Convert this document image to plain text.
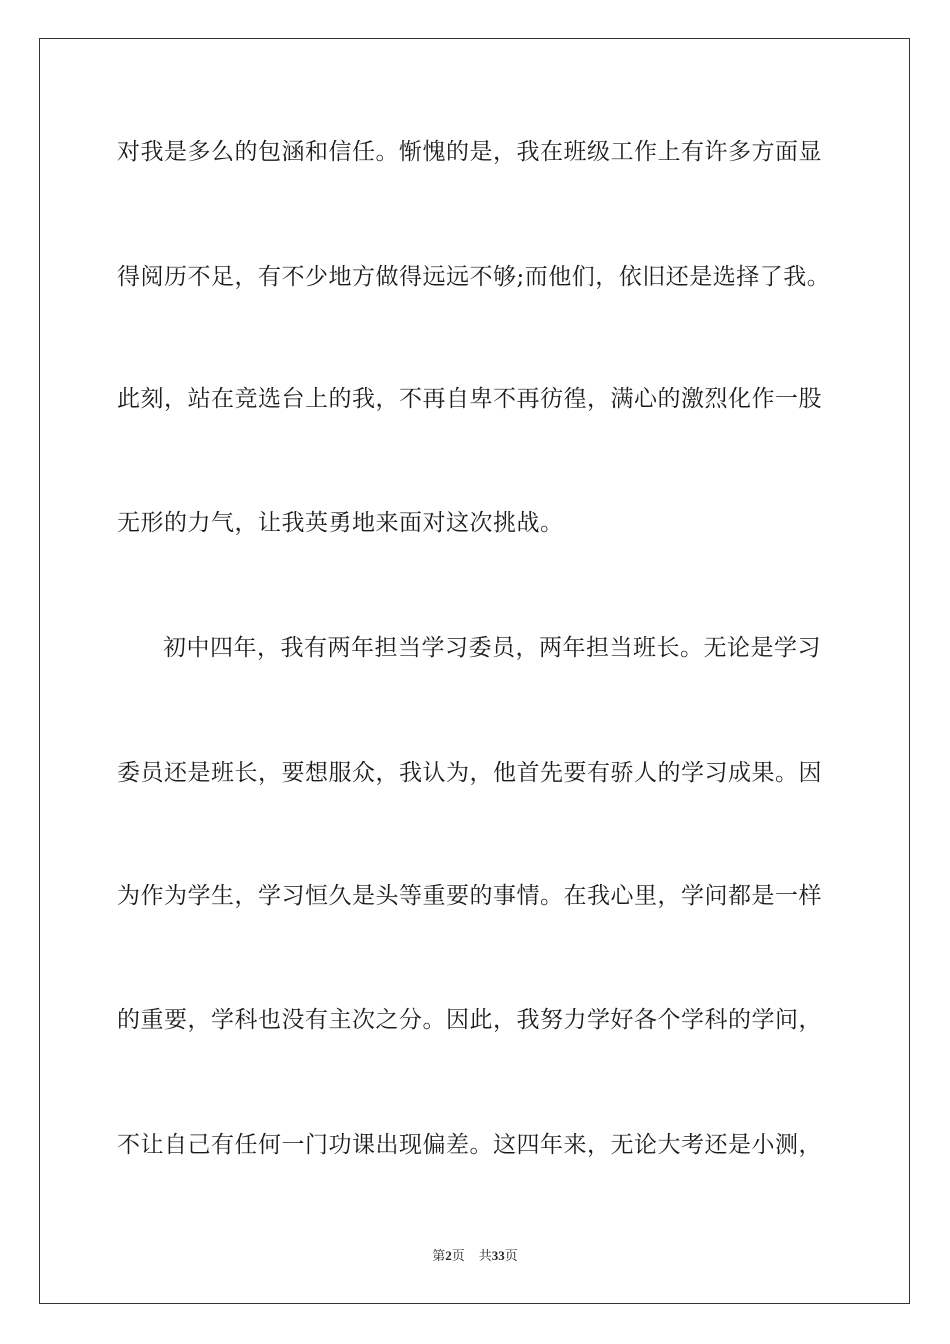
对我是多么的包涵和信任。惭愧的是，我在班级工作上有许多方面显
得阅历不足，有不少地方做得远远不够;而他们，依旧还是选择了我。
此刻，站在竞选台上的我，不再自卑不再彷徨，满心的激烈化作一股
无形的力气，让我英勇地来面对这次挑战。
初中四年，我有两年担当学习委员，两年担当班长。无论是学习
委员还是班长，要想服众，我认为，他首先要有骄人的学习成果。因
为作为学生，学习恒久是头等重要的事情。在我心里，学问都是一样
的重要，学科也没有主次之分。因此，我努力学好各个学科的学问，
不让自己有任何一门功课出现偏差。这四年来，无论大考还是小测，
第2页 共33页
